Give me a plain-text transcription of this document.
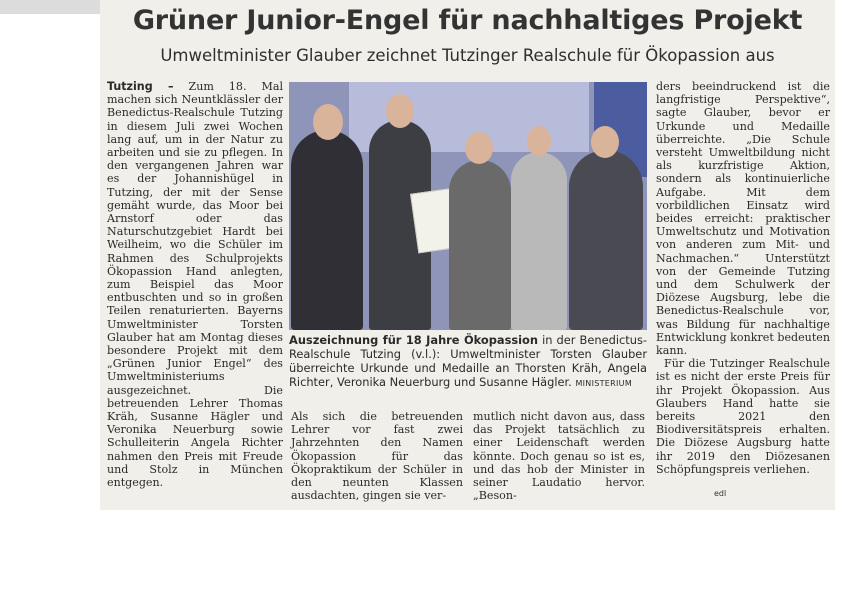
Grüner Junior-Engel für nachhaltiges Projekt
Umweltminister Glauber zeichnet Tutzinger Realschule für Ökopassion aus
Tutzing – Zum 18. Mal machen sich Neuntklässler der Benedictus-Realschule Tutzing in diesem Juli zwei Wochen lang auf, um in der Natur zu arbeiten und sie zu pflegen. In den vergangenen Jahren war es der Johannishügel in Tutzing, der mit der Sense gemäht wurde, das Moor bei Arnstorf oder das Naturschutzgebiet Hardt bei Weilheim, wo die Schüler im Rahmen des Schulprojekts Ökopassion Hand anlegten, zum Beispiel das Moor entbuschten und so in großen Teilen renaturierten. Bayerns Umweltminister Torsten Glauber hat am Montag dieses besondere Projekt mit dem „Grünen Junior Engel“ des Umweltministeriums ausgezeichnet. Die betreuenden Lehrer Thomas Kräh, Susanne Hägler und Veronika Neuerburg sowie Schulleiterin Angela Richter nahmen den Preis mit Freude und Stolz in München entgegen.
Auszeichnung für 18 Jahre Ökopassion in der Benedictus-Realschule Tutzing (v.l.): Umweltminister Torsten Glauber überreichte Urkunde und Medaille an Thorsten Kräh, Angela Richter, Veronika Neuerburg und Susanne Hägler. MINISTERIUM
Als sich die betreuenden Lehrer vor fast zwei Jahrzehnten den Namen Ökopassion für das Ökopraktikum der Schüler in den neunten Klassen ausdachten, gingen sie ver-
mutlich nicht davon aus, dass das Projekt tatsächlich zu einer Leidenschaft werden könnte. Doch genau so ist es, und das hob der Minister in seiner Laudatio hervor. „Beson-
ders beeindruckend ist die langfristige Perspektive“, sagte Glauber, bevor er Urkunde und Medaille überreichte. „Die Schule versteht Umweltbildung nicht als kurzfristige Aktion, sondern als kontinuierliche Aufgabe. Mit dem vorbildlichen Einsatz wird beides erreicht: praktischer Umweltschutz und Motivation von anderen zum Mit- und Nachmachen.“ Unterstützt von der Gemeinde Tutzing und dem Schulwerk der Diözese Augsburg, lebe die Benedictus-Realschule vor, was Bildung für nachhaltige Entwicklung konkret bedeuten kann.
Für die Tutzinger Realschule ist es nicht der erste Preis für ihr Projekt Ökopassion. Aus Glaubers Hand hatte sie bereits 2021 den Biodiversitätspreis erhalten. Die Diözese Augsburg hatte ihr 2019 den Diözesanen Schöpfungspreis verliehen.
edl
